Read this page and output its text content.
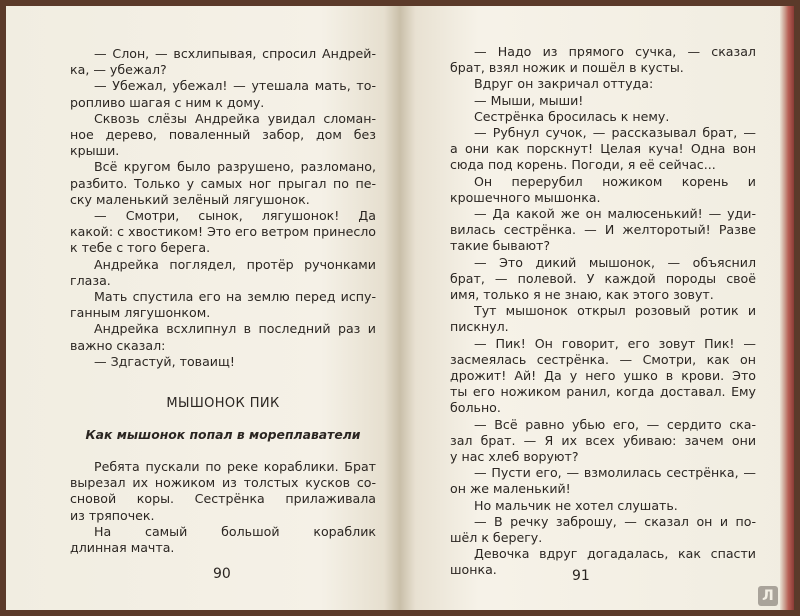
— Слон, — всхлипывая, спросил Андрей-
ка, — убежал?
— Убежал, убежал! — утешала мать, то-
ропливо шагая с ним к дому.
Сквозь слёзы Андрейка увидал сломан-
ное дерево, поваленный забор, дом без
крыши.
Всё кругом было разрушено, разломано,
разбито. Только у самых ног прыгал по пе-
ску маленький зелёный лягушонок.
— Смотри, сынок, лягушонок! Да
какой: с хвостиком! Это его ветром принесло
к тебе с того берега.
Андрейка поглядел, протёр ручонками
глаза.
Мать спустила его на землю перед испу-
ганным лягушонком.
Андрейка всхлипнул в последний раз и
важно сказал:
— Здгастуй, товаищ!
МЫШОНОК ПИК
Как мышонок попал в мореплаватели
Ребята пускали по реке кораблики. Брат
вырезал их ножиком из толстых кусков со-
сновой коры. Сестрёнка прилаживала
из тряпочек.
На самый большой кораблик
длинная мачта.
90
— Надо из прямого сучка, — сказал
брат, взял ножик и пошёл в кусты.
Вдруг он закричал оттуда:
— Мыши, мыши!
Сестрёнка бросилась к нему.
— Рубнул сучок, — рассказывал брат, —
а они как порскнут! Целая куча! Одна вон
сюда под корень. Погоди, я её сейчас...
Он перерубил ножиком корень и
крошечного мышонка.
— Да какой же он малюсенький! — уди-
вилась сестрёнка. — И желторотый! Разве
такие бывают?
— Это дикий мышонок, — объяснил
брат, — полевой. У каждой породы своё
имя, только я не знаю, как этого зовут.
Тут мышонок открыл розовый ротик и
пискнул.
— Пик! Он говорит, его зовут Пик! —
засмеялась сестрёнка. — Смотри, как он
дрожит! Ай! Да у него ушко в крови. Это
ты его ножиком ранил, когда доставал. Ему
больно.
— Всё равно убью его, — сердито ска-
зал брат. — Я их всех убиваю: зачем они
у нас хлеб воруют?
— Пусти его, — взмолилась сестрёнка, —
он же маленький!
Но мальчик не хотел слушать.
— В речку заброшу, — сказал он и по-
шёл к берегу.
Девочка вдруг догадалась, как спасти
шонка.	91
Л
